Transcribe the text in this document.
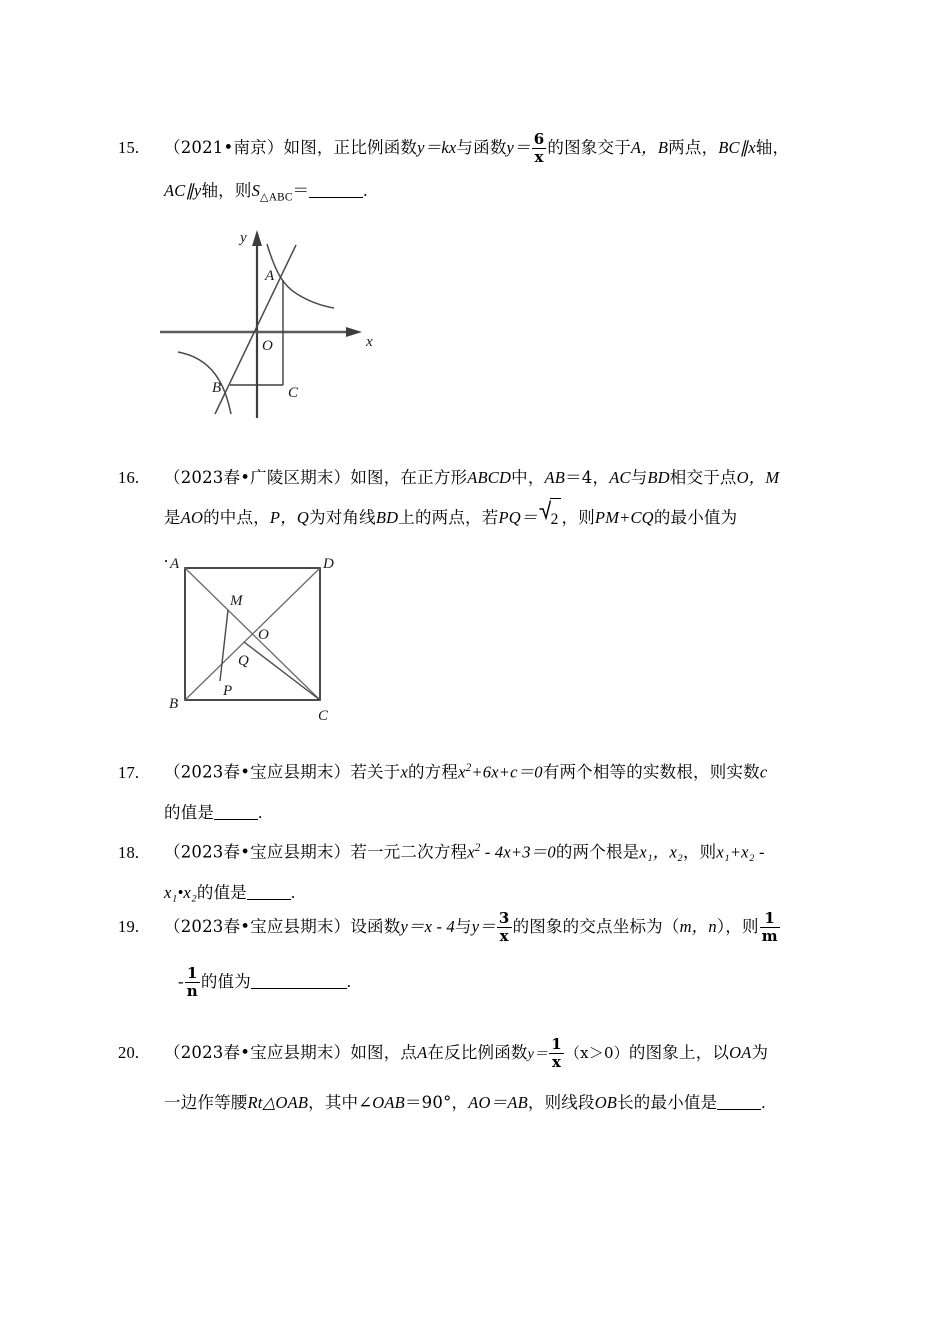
15. （2021•南京）如图，正比例函数y＝kx与函数$y= \frac{6}{x}$ 的图象交于A，B两点，BC∥x轴，
AC∥y轴，则$S_{\triangle ABC}=$	.
y
x
A
O
B	C
16. （2023春•广陵区期末）如图，在正方形ABCD中，AB＝4，AC与BD相交于点O，M
是AO的中点，P，Q为对角线BD上的两点，若PQ＝ 2 ，则PM+CQ的最小值为
. A	D
B
C
M
O
Q
P
17. （2023春•宝应县期末）若关于x的方程$x^2+6x+c=0$有两个相等的实数根，则实数c
的值是	.
18. （2023春•宝应县期末）若一元二次方程$x^2 - 4x+3=0$的两个根是x₁，x₂，则x₁+x₂ -
x₁•x₂的值是	.
19. （2023春•宝应县期末）设函数y＝x - 4与$y= \frac{3}{x}$ 的图象的交点坐标为（m，n），则 $\frac{1}{m}$
- $\frac{1}{n}$ 的值为	.
20. （2023春•宝应县期末）如图，点A在反比例函数$y= \frac{1}{x} (x>0)$的图象上，以OA为
一边作等腰Rt△OAB，其中∠OAB＝90°，AO＝AB，则线段OB长的最小值是	.
